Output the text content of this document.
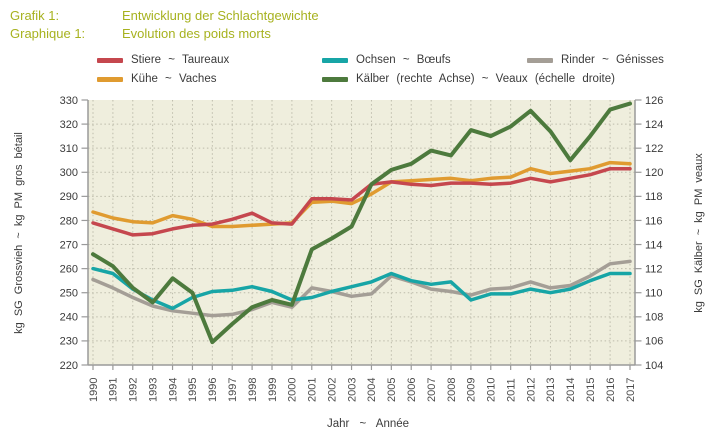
Grafik 1:	Entwicklung der Schlachtgewichte
Graphique 1:	Evolution des poids morts
Stiere ~ Taureaux	Ochsen ~ Bœufs	Rinder ~ Génisses
Kühe ~ Vaches	Kälber (rechte Achse) ~ Veaux (échelle droite)
220
230
240
250
260
270
280
290
300
310
320
330
104
106
108
110
112
114
116
118
120
122
124
126
1990 1991 1992 1993 1994 1995 1996 1997 1998 1999 2000 2001 2002 2003 2004 2005 2006 2007 2008 2009 2010 2011 2012 2013 2014 2015 2016 2017
kg SG Grossvieh ~ kg PM gros bétail	kg SG Kälber ~ kg PM veaux
Jahr ~ Année
